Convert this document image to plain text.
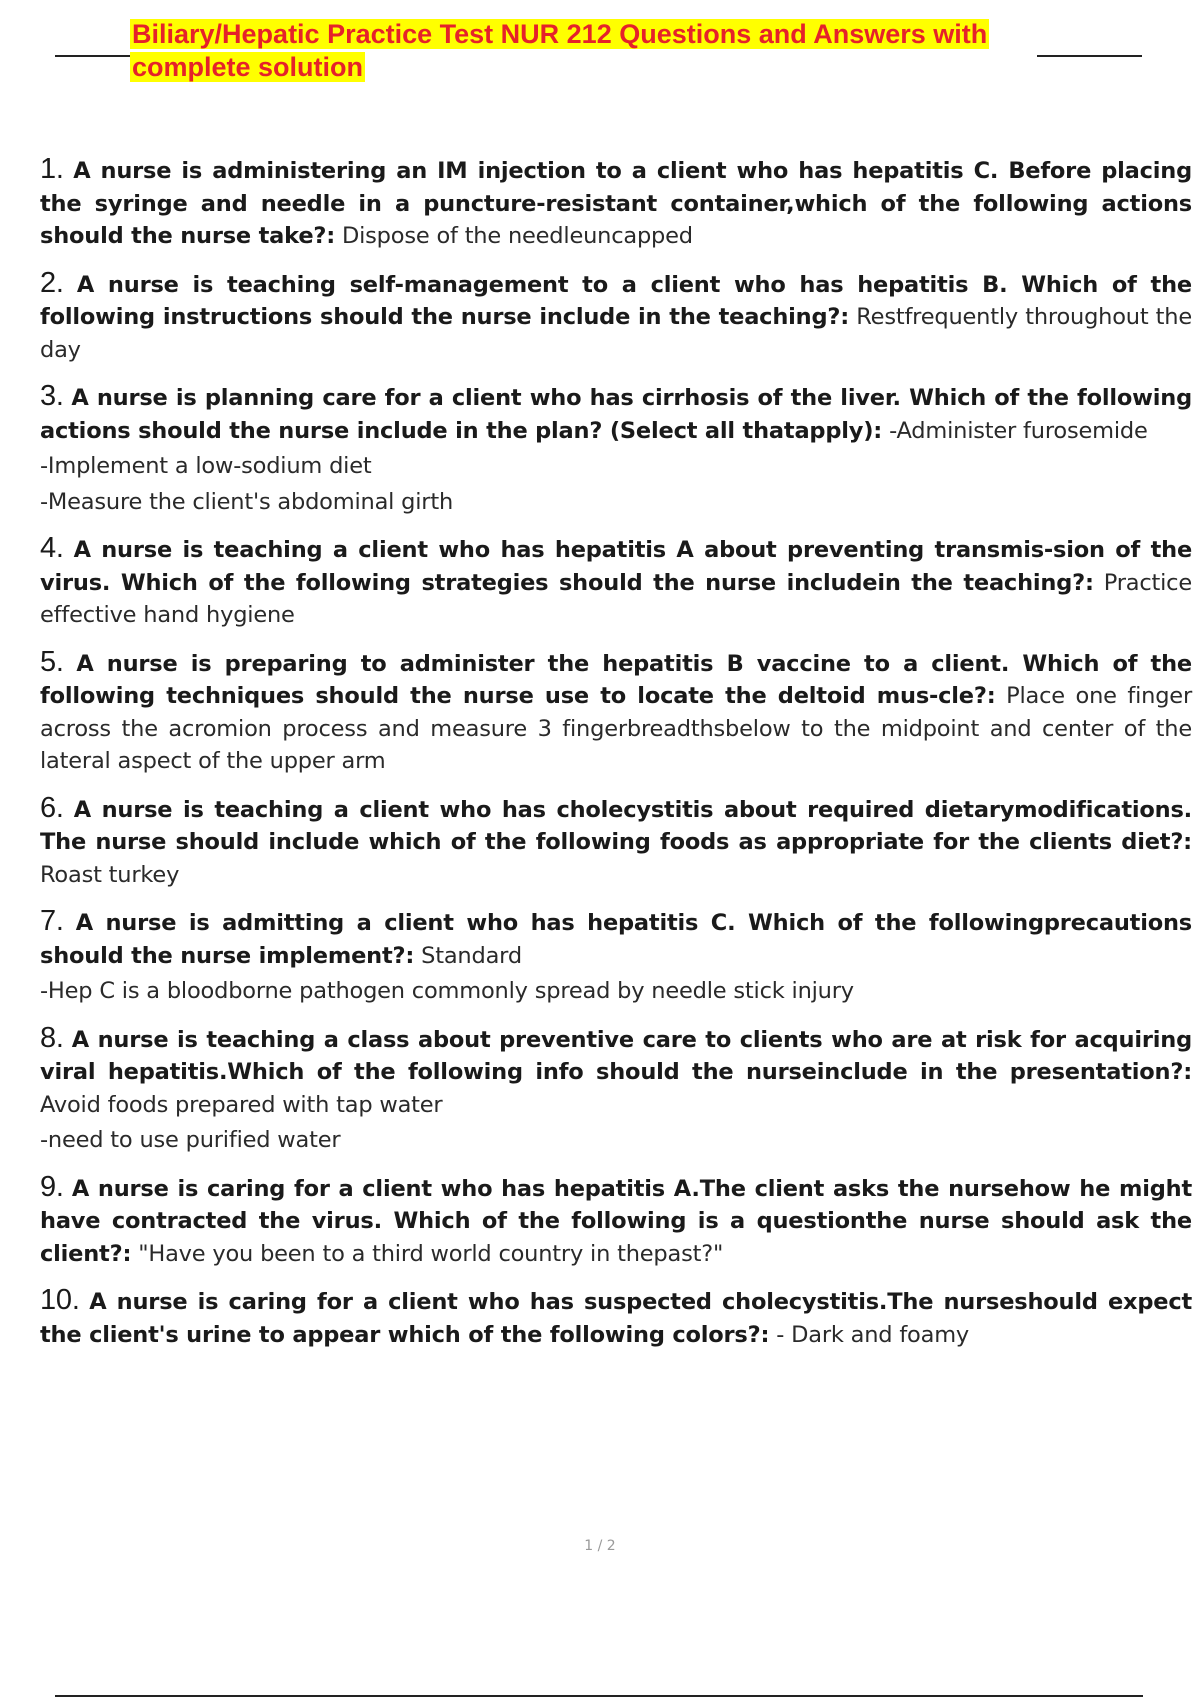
Biliary/Hepatic Practice Test NUR 212 Questions and Answers with
complete solution
1. A nurse is administering an IM injection to a client who has hepatitis C. Before placing the syringe and needle in a puncture-resistant container,which of the following actions should the nurse take?: Dispose of the needleuncapped
2. A nurse is teaching self-management to a client who has hepatitis B. Which of the following instructions should the nurse include in the teaching?: Restfrequently throughout the day
3. A nurse is planning care for a client who has cirrhosis of the liver. Which of the following actions should the nurse include in the plan? (Select all thatapply): -Administer furosemide
-Implement a low-sodium diet
-Measure the client's abdominal girth
4. A nurse is teaching a client who has hepatitis A about preventing transmis-sion of the virus. Which of the following strategies should the nurse includein the teaching?: Practice effective hand hygiene
5. A nurse is preparing to administer the hepatitis B vaccine to a client. Which of the following techniques should the nurse use to locate the deltoid mus-cle?: Place one finger across the acromion process and measure 3 fingerbreadthsbelow to the midpoint and center of the lateral aspect of the upper arm
6. A nurse is teaching a client who has cholecystitis about required dietarymodifications. The nurse should include which of the following foods as appropriate for the clients diet?: Roast turkey
7. A nurse is admitting a client who has hepatitis C. Which of the followingprecautions should the nurse implement?: Standard
-Hep C is a bloodborne pathogen commonly spread by needle stick injury
8. A nurse is teaching a class about preventive care to clients who are at risk for acquiring viral hepatitis.Which of the following info should the nurseinclude in the presentation?: Avoid foods prepared with tap water
-need to use purified water
9. A nurse is caring for a client who has hepatitis A.The client asks the nursehow he might have contracted the virus. Which of the following is a questionthe nurse should ask the client?: "Have you been to a third world country in thepast?"
10. A nurse is caring for a client who has suspected cholecystitis.The nurseshould expect the client's urine to appear which of the following colors?: - Dark and foamy
1 / 2
